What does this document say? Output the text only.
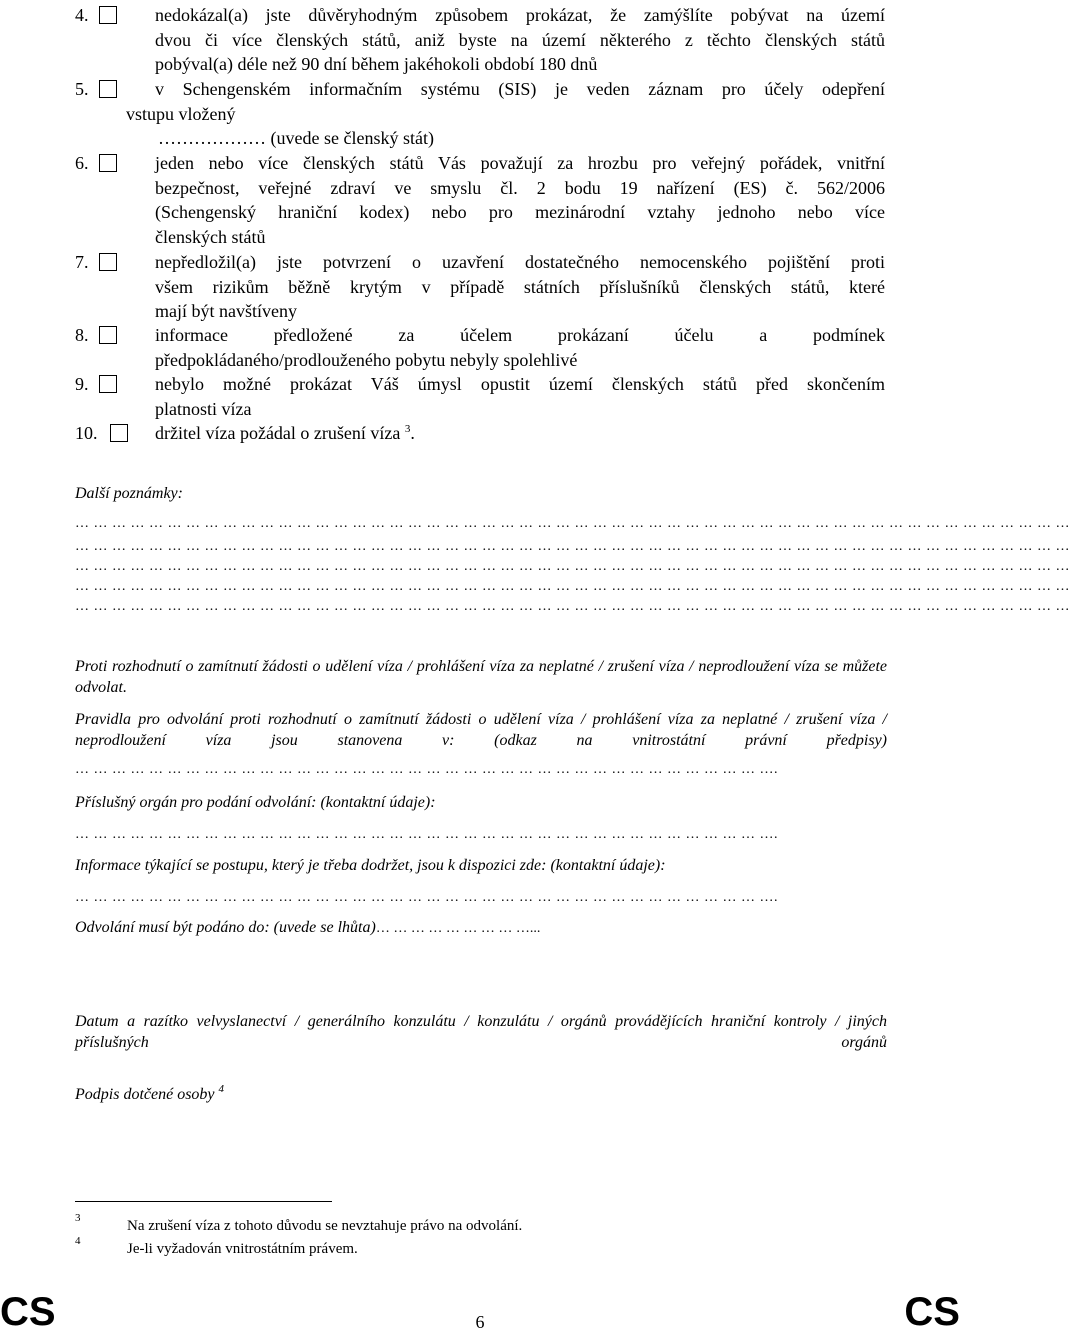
4.	nedokázal(a) jste důvěryhodným způsobem prokázat, že zamýšlíte pobývat na území
dvou či více členských států, aniž byste na území některého z těchto členských států
pobýval(a) déle než 90 dní během jakéhokoli období 180 dnů
5.	v Schengenském informačním systému (SIS) je veden záznam pro účely odepření
vstupu vložený
……………… (uvede se členský stát)
6.	jeden nebo více členských států Vás považují za hrozbu pro veřejný pořádek, vnitřní
bezpečnost, veřejné zdraví ve smyslu čl. 2 bodu 19 nařízení (ES) č. 562/2006
(Schengenský hraniční kodex) nebo pro mezinárodní vztahy jednoho nebo více
členských států
7.	nepředložil(a) jste potvrzení o uzavření dostatečného nemocenského pojištění proti
všem rizikům běžně krytým v případě státních příslušníků členských států, které
mají být navštíveny
8.	informace předložené za účelem prokázaní účelu a podmínek
předpokládaného/prodlouženého pobytu nebyly spolehlivé
9.	nebylo možné prokázat Váš úmysl opustit území členských států před skončením
platnosti víza
10.	držitel víza požádal o zrušení víza $^3$.
Další poznámky:
… … … … … … … … … … … … … … … … … … … … … … … … … … … … … … … … … … … … … … … … … … … … … … … … … … … … … …
… … … … … … … … … … … … … … … … … … … … … … … … … … … … … … … … … … … … … … … … … … … … … … … … … … … … … …
… … … … … … … … … … … … … … … … … … … … … … … … … … … … … … … … … … … … … … … … … … … … … … … … … … … … … …
… … … … … … … … … … … … … … … … … … … … … … … … … … … … … … … … … … … … … … … … … … … … … … … … … … … … … …
… … … … … … … … … … … … … … … … … … … … … … … … … … … … … … … … … … … … … … … … … … … … … … … … … … … … … …
Proti rozhodnutí o zamítnutí žádosti o udělení víza / prohlášení víza za neplatné / zrušení víza / neprodloužení víza se můžete odvolat.
Pravidla pro odvolání proti rozhodnutí o zamítnutí žádosti o udělení víza / prohlášení víza za neplatné / zrušení víza / neprodloužení víza jsou stanovena v: (odkaz na vnitrostátní právní předpisy)
… … … … … … … … … … … … … … … … … … … … … … … … … … … … … … … … … … … … … ….
Příslušný orgán pro podání odvolání: (kontaktní údaje):
… … … … … … … … … … … … … … … … … … … … … … … … … … … … … … … … … … … … … ….
Informace týkající se postupu, který je třeba dodržet, jsou k dispozici zde: (kontaktní údaje):
… … … … … … … … … … … … … … … … … … … … … … … … … … … … … … … … … … … … … ….
Odvolání musí být podáno do: (uvede se lhůta)… … … … … … … … …...
Datum a razítko velvyslanectví / generálního konzulátu / konzulátu / orgánů provádějících hraniční kontroly / jiných příslušných orgánů
Podpis dotčené osoby $^4$
3	Na zrušení víza z tohoto důvodu se nevztahuje právo na odvolání.
4	Je-li vyžadován vnitrostátním právem.
CS	6	CS
